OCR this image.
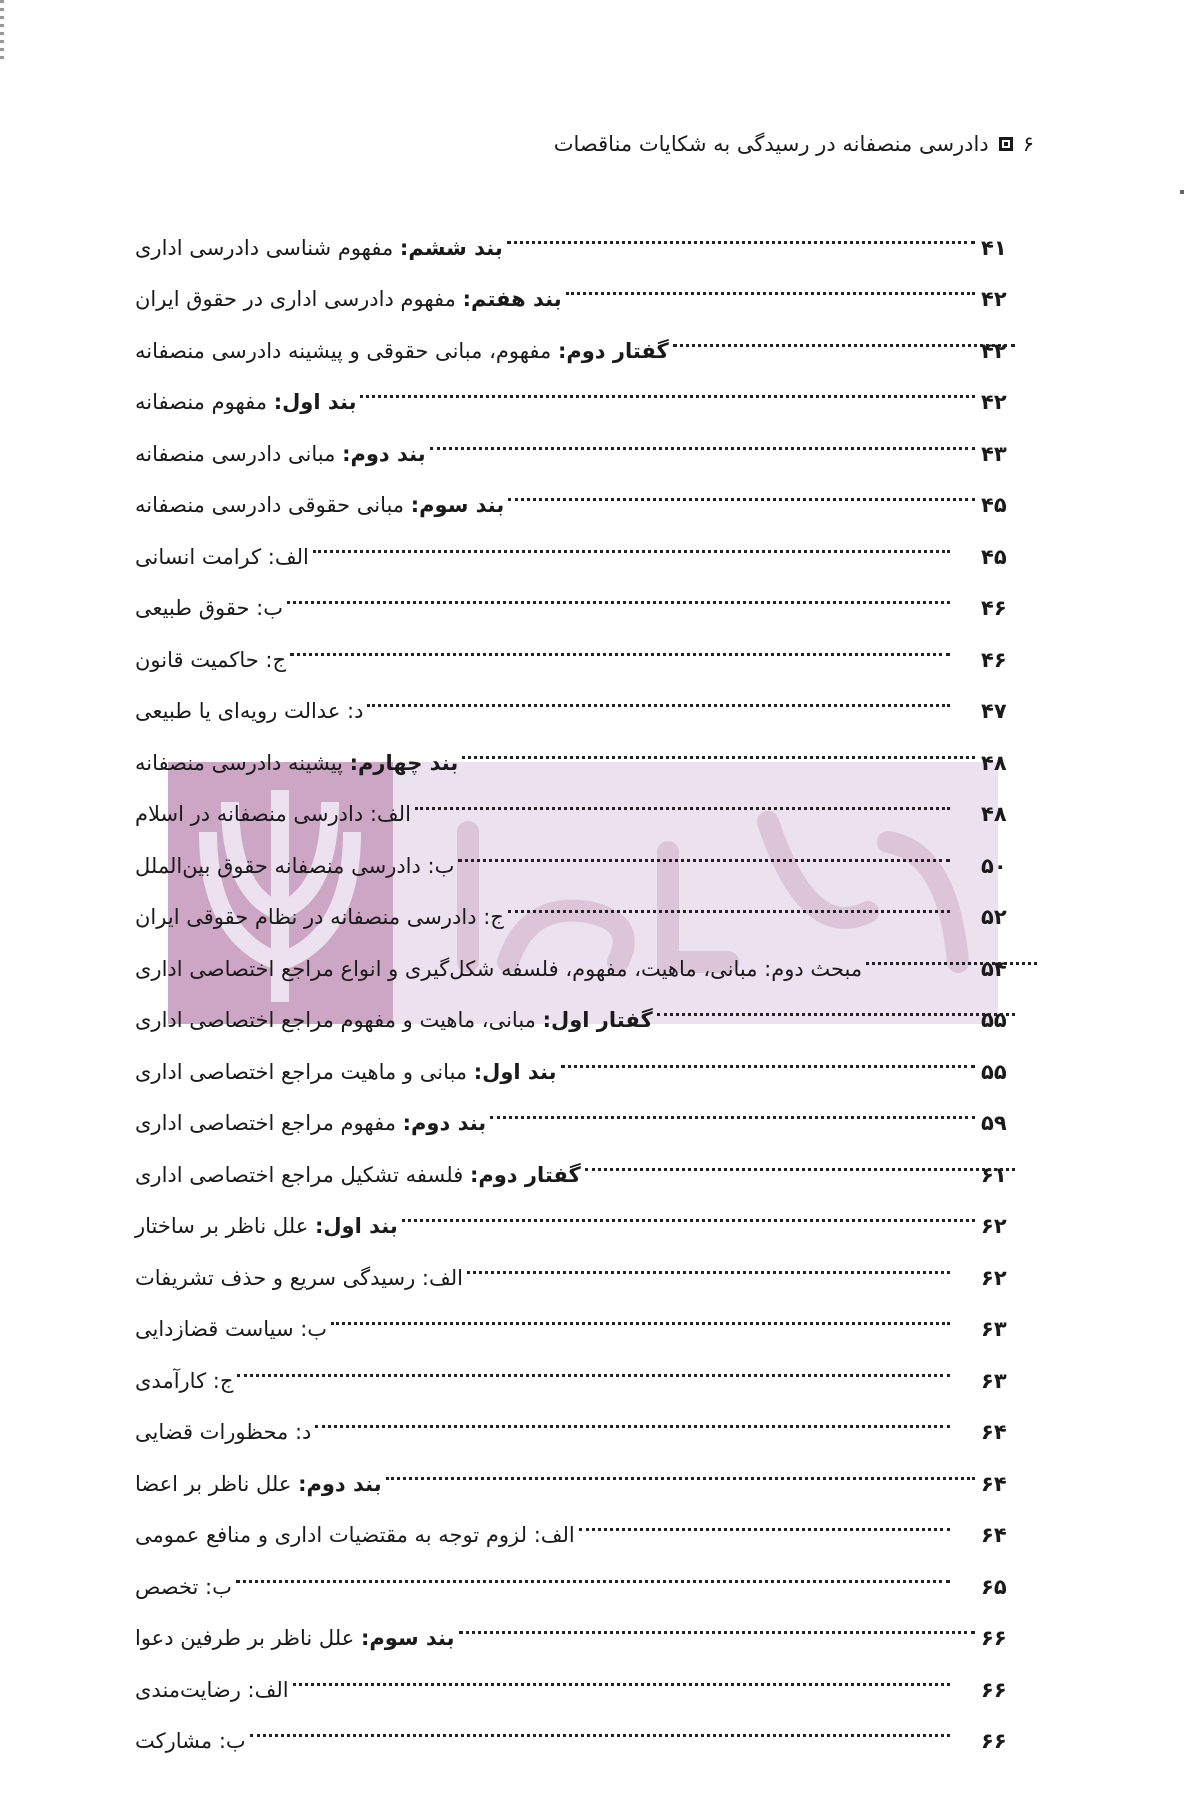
۶
دادرسی منصفانه در رسیدگی به شکایات مناقصات
بند ششم: مفهوم شناسی دادرسی اداری	۴۱
بند هفتم: مفهوم دادرسی اداری در حقوق ایران	۴۲
گفتار دوم: مفهوم، مبانی حقوقی و پیشینه دادرسی منصفانه	۴۲
بند اول: مفهوم منصفانه	۴۲
بند دوم: مبانی دادرسی منصفانه	۴۳
بند سوم: مبانی حقوقی دادرسی منصفانه	۴۵
الف: کرامت انسانی	۴۵
ب: حقوق طبیعی	۴۶
ج: حاکمیت قانون	۴۶
د: عدالت رویه‌ای یا طبیعی	۴۷
بند چهارم: پیشینه دادرسی منصفانه	۴۸
الف: دادرسی منصفانه در اسلام	۴۸
ب: دادرسی منصفانه حقوق بین‌الملل	۵۰
ج: دادرسی منصفانه در نظام حقوقی ایران	۵۲
مبحث دوم: مبانی، ماهیت، مفهوم، فلسفه شکل‌گیری و انواع مراجع اختصاصی اداری	۵۴
گفتار اول: مبانی، ماهیت و مفهوم مراجع اختصاصی اداری	۵۵
بند اول: مبانی و ماهیت مراجع اختصاصی اداری	۵۵
بند دوم: مفهوم مراجع اختصاصی اداری	۵۹
گفتار دوم: فلسفه تشکیل مراجع اختصاصی اداری	۶۱
بند اول: علل ناظر بر ساختار	۶۲
الف: رسیدگی سریع و حذف تشریفات	۶۲
ب: سیاست قضازدایی	۶۳
ج: کارآمدی	۶۳
د: محظورات قضایی	۶۴
بند دوم: علل ناظر بر اعضا	۶۴
الف: لزوم توجه به مقتضیات اداری و منافع عمومی	۶۴
ب: تخصص	۶۵
بند سوم: علل ناظر بر طرفین دعوا	۶۶
الف: رضایت‌مندی	۶۶
ب: مشارکت	۶۶
